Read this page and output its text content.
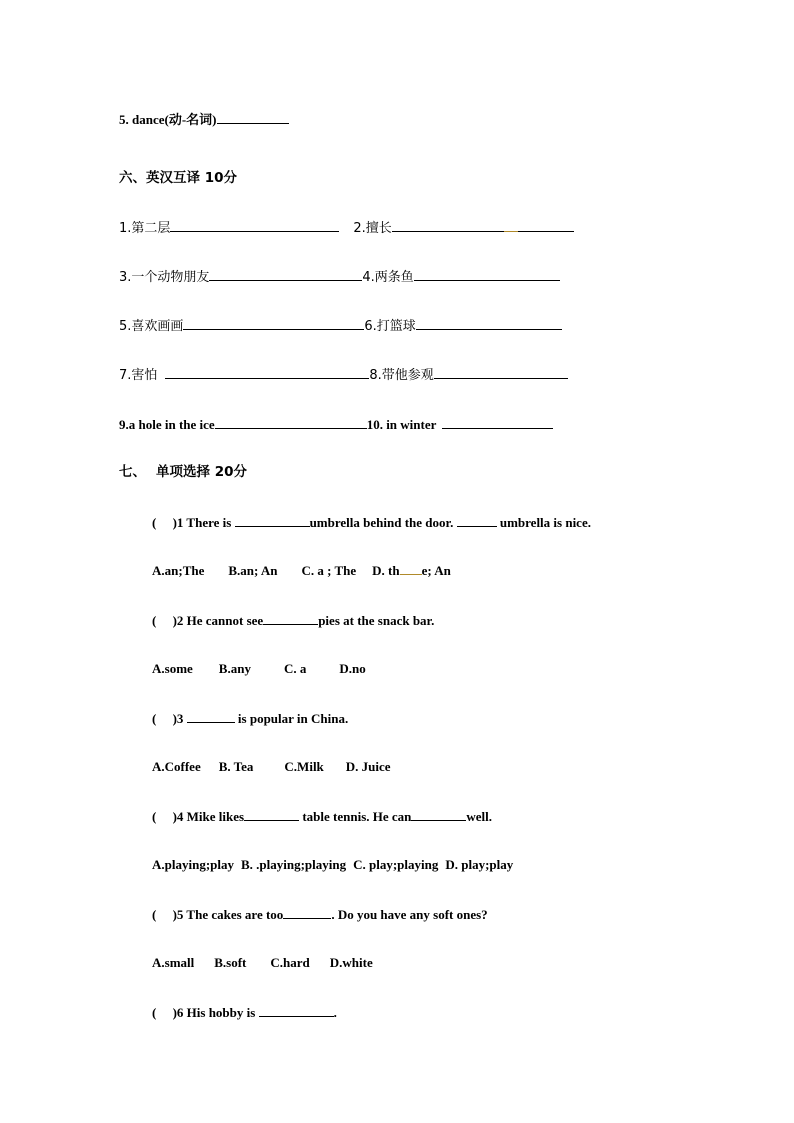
5. dance(动-名词)
六、英汉互译 10分
1.第二层	2.擅长
3.一个动物朋友	4.两条鱼
5.喜欢画画	6.打篮球
7.害怕	8.带他参观
9.a hole in the ice	10. in winter
七、 单项选择 20分
(     )1 There is	umbrella behind the door.	umbrella is nice.
A.an;The B.an; An C. a ; The D. th e; An
(     )2 He cannot see	pies at the snack bar.
A.some B.any	C. a	D.no
(     )3	is popular in China.
A.Coffee B. Tea C.Milk D. Juice
(     )4 Mike likes	table tennis. He can	well.
A.playing;play B. .playing;playing C. play;playing D. play;play
(     )5 The cakes are too	. Do you have any soft ones?
A.small B.soft C.hard D.white
(     )6 His hobby is	.
